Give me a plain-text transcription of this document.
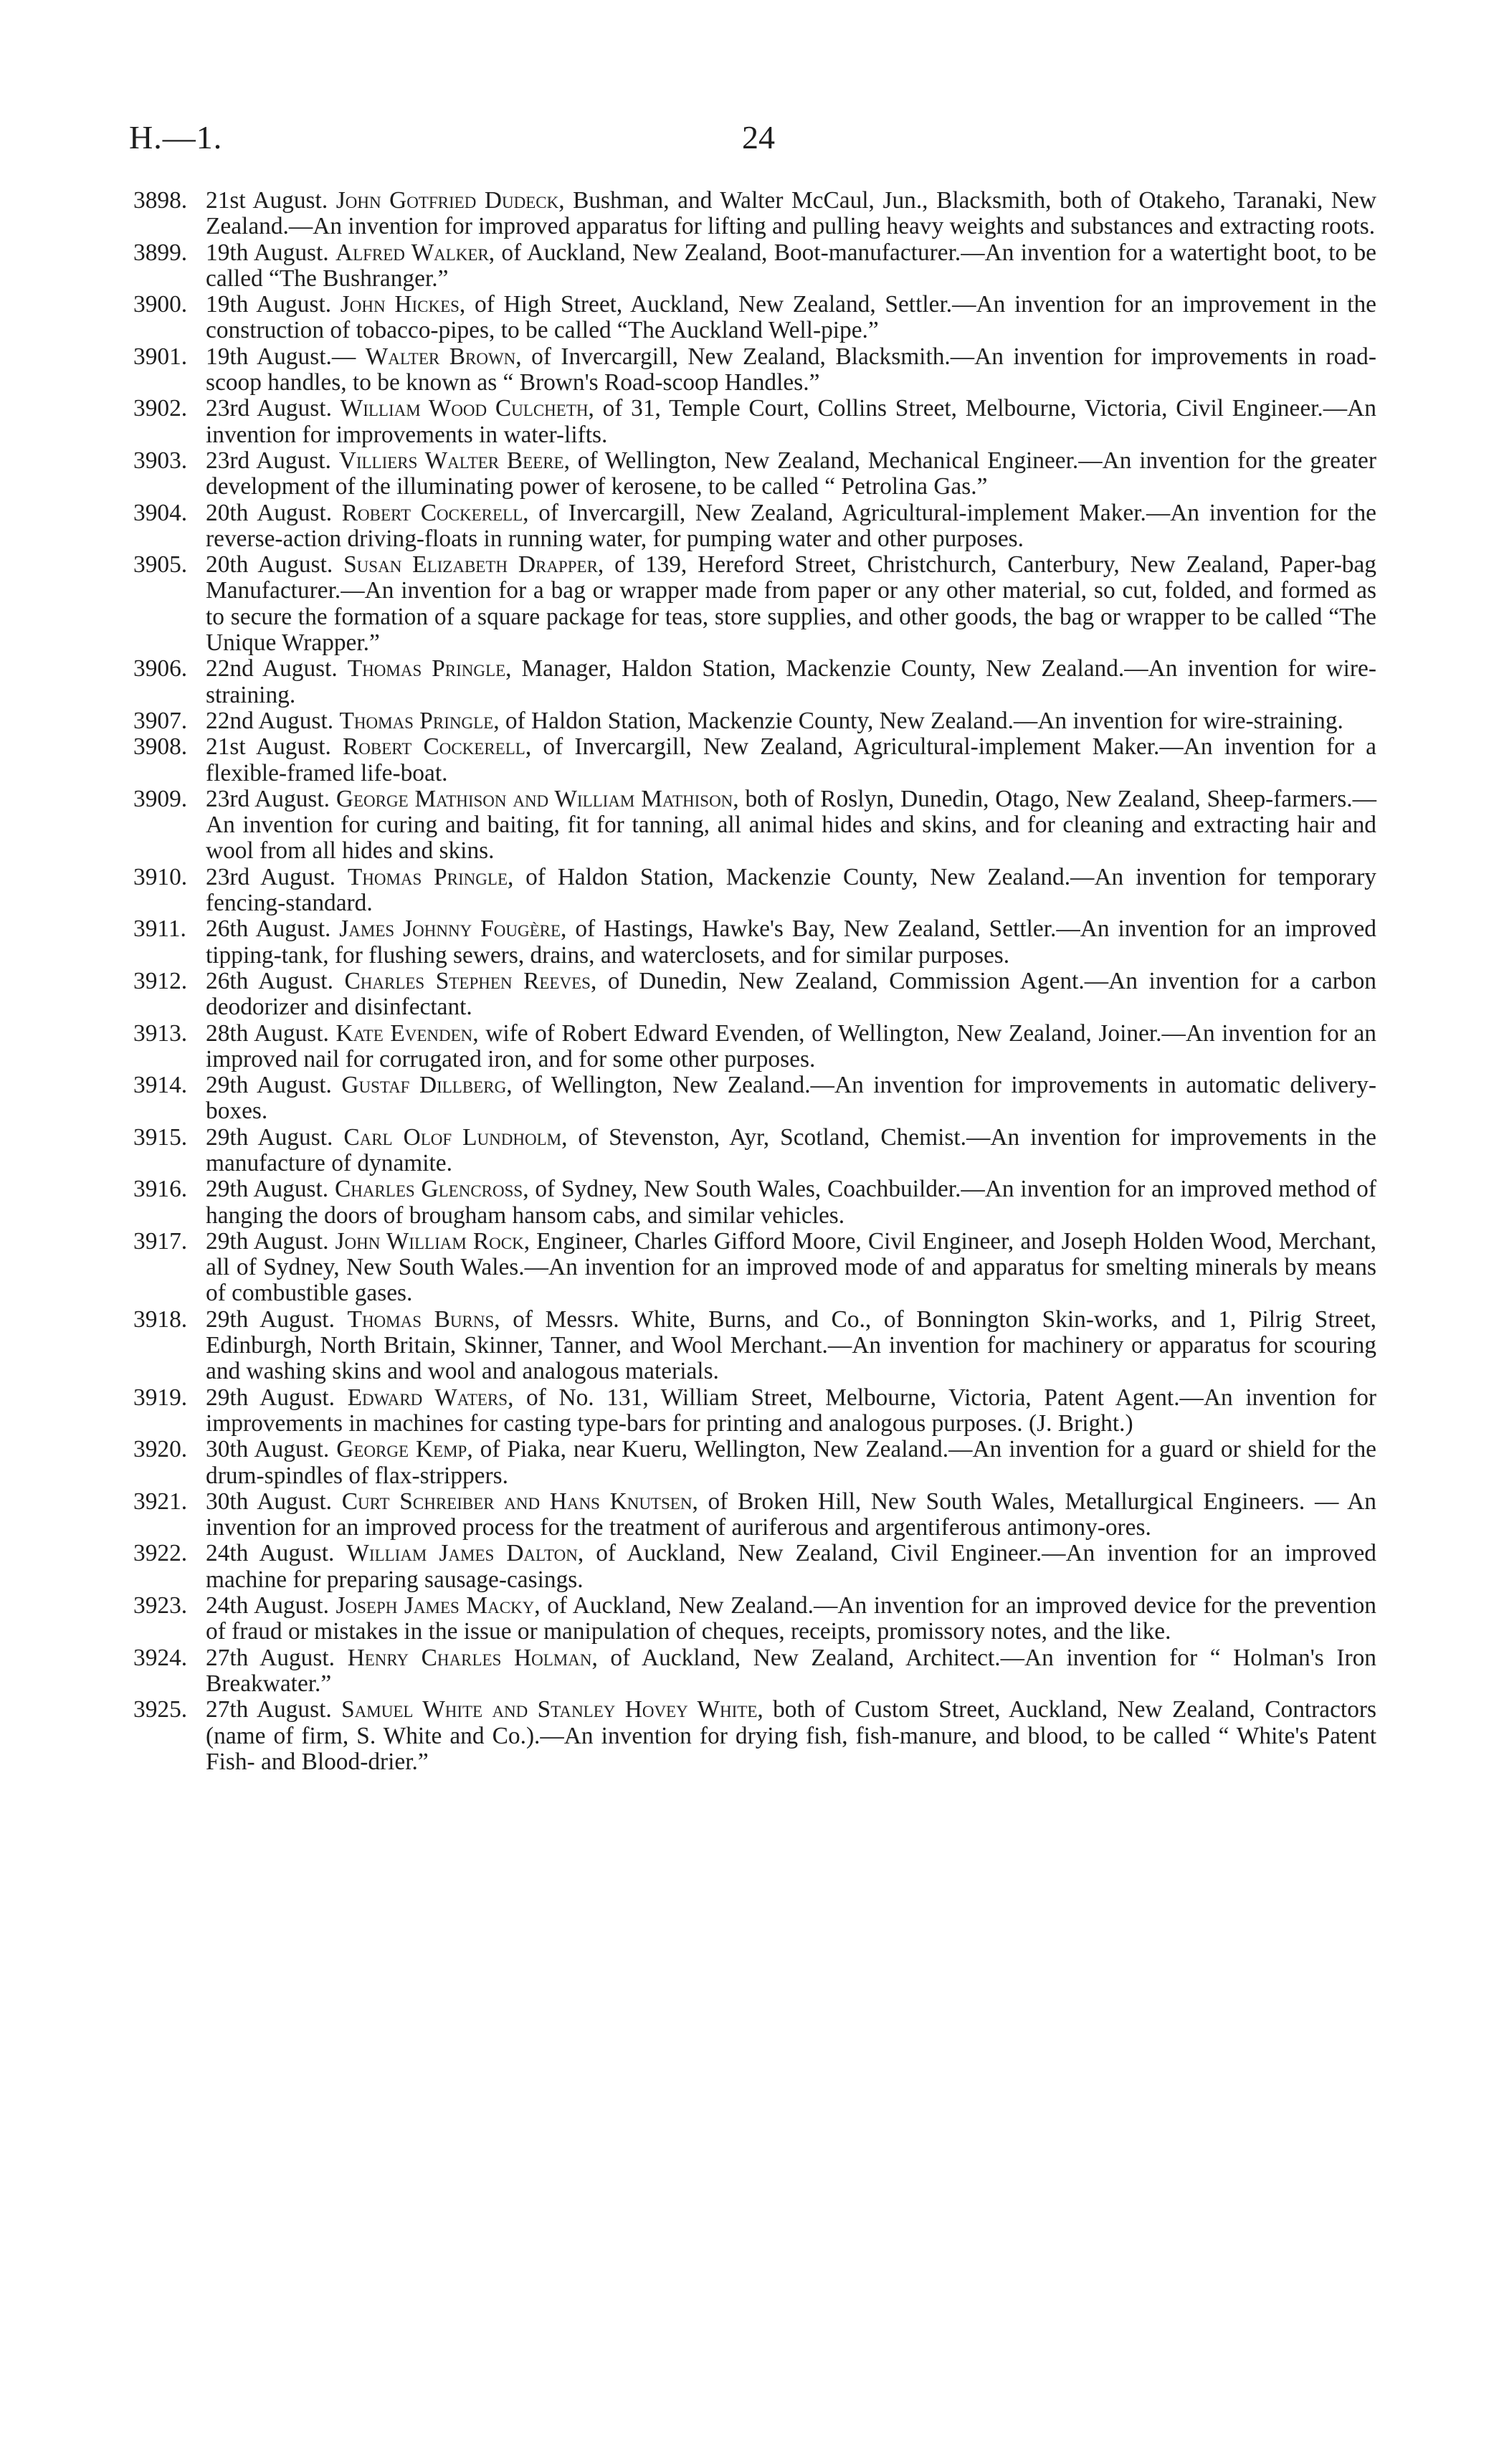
H.—1.	24
3898. 21st August. John Gotfried Dudeck, Bushman, and Walter McCaul, Jun., Blacksmith, both of Otakeho, Taranaki, New Zealand.—An invention for improved apparatus for lifting and pulling heavy weights and substances and extracting roots.
3899. 19th August. Alfred Walker, of Auckland, New Zealand, Boot-manufacturer.—An invention for a watertight boot, to be called “The Bushranger.”
3900. 19th August. John Hickes, of High Street, Auckland, New Zealand, Settler.—An invention for an improvement in the construction of tobacco-pipes, to be called “The Auckland Well-pipe.”
3901. 19th August.— Walter Brown, of Invercargill, New Zealand, Blacksmith.—An invention for improvements in road-scoop handles, to be known as “ Brown's Road-scoop Handles.”
3902. 23rd August. William Wood Culcheth, of 31, Temple Court, Collins Street, Melbourne, Victoria, Civil Engineer.—An invention for improvements in water-lifts.
3903. 23rd August. Villiers Walter Beere, of Wellington, New Zealand, Mechanical Engineer.—An invention for the greater development of the illuminating power of kerosene, to be called “ Petrolina Gas.”
3904. 20th August. Robert Cockerell, of Invercargill, New Zealand, Agricultural-implement Maker.—An invention for the reverse-action driving-floats in running water, for pumping water and other purposes.
3905. 20th August. Susan Elizabeth Drapper, of 139, Hereford Street, Christchurch, Canterbury, New Zealand, Paper-bag Manufacturer.—An invention for a bag or wrapper made from paper or any other material, so cut, folded, and formed as to secure the formation of a square package for teas, store supplies, and other goods, the bag or wrapper to be called “The Unique Wrapper.”
3906. 22nd August. Thomas Pringle, Manager, Haldon Station, Mackenzie County, New Zealand.—An invention for wire-straining.
3907. 22nd August. Thomas Pringle, of Haldon Station, Mackenzie County, New Zealand.—An invention for wire-straining.
3908. 21st August. Robert Cockerell, of Invercargill, New Zealand, Agricultural-implement Maker.—An invention for a flexible-framed life-boat.
3909. 23rd August. George Mathison and William Mathison, both of Roslyn, Dunedin, Otago, New Zealand, Sheep-farmers.—An invention for curing and baiting, fit for tanning, all animal hides and skins, and for cleaning and extracting hair and wool from all hides and skins.
3910. 23rd August. Thomas Pringle, of Haldon Station, Mackenzie County, New Zealand.—An invention for temporary fencing-standard.
3911. 26th August. James Johnny Fougère, of Hastings, Hawke's Bay, New Zealand, Settler.—An invention for an improved tipping-tank, for flushing sewers, drains, and waterclosets, and for similar purposes.
3912. 26th August. Charles Stephen Reeves, of Dunedin, New Zealand, Commission Agent.—An invention for a carbon deodorizer and disinfectant.
3913. 28th August. Kate Evenden, wife of Robert Edward Evenden, of Wellington, New Zealand, Joiner.—An invention for an improved nail for corrugated iron, and for some other purposes.
3914. 29th August. Gustaf Dillberg, of Wellington, New Zealand.—An invention for improvements in automatic delivery-boxes.
3915. 29th August. Carl Olof Lundholm, of Stevenston, Ayr, Scotland, Chemist.—An invention for improvements in the manufacture of dynamite.
3916. 29th August. Charles Glencross, of Sydney, New South Wales, Coachbuilder.—An invention for an improved method of hanging the doors of brougham hansom cabs, and similar vehicles.
3917. 29th August. John William Rock, Engineer, Charles Gifford Moore, Civil Engineer, and Joseph Holden Wood, Merchant, all of Sydney, New South Wales.—An invention for an improved mode of and apparatus for smelting minerals by means of combustible gases.
3918. 29th August. Thomas Burns, of Messrs. White, Burns, and Co., of Bonnington Skin-works, and 1, Pilrig Street, Edinburgh, North Britain, Skinner, Tanner, and Wool Merchant.—An invention for machinery or apparatus for scouring and washing skins and wool and analogous materials.
3919. 29th August. Edward Waters, of No. 131, William Street, Melbourne, Victoria, Patent Agent.—An invention for improvements in machines for casting type-bars for printing and analogous purposes. (J. Bright.)
3920. 30th August. George Kemp, of Piaka, near Kueru, Wellington, New Zealand.—An invention for a guard or shield for the drum-spindles of flax-strippers.
3921. 30th August. Curt Schreiber and Hans Knutsen, of Broken Hill, New South Wales, Metallurgical Engineers. — An invention for an improved process for the treatment of auriferous and argentiferous antimony-ores.
3922. 24th August. William James Dalton, of Auckland, New Zealand, Civil Engineer.—An invention for an improved machine for preparing sausage-casings.
3923. 24th August. Joseph James Macky, of Auckland, New Zealand.—An invention for an improved device for the prevention of fraud or mistakes in the issue or manipulation of cheques, receipts, promissory notes, and the like.
3924. 27th August. Henry Charles Holman, of Auckland, New Zealand, Architect.—An invention for “ Holman's Iron Breakwater.”
3925. 27th August. Samuel White and Stanley Hovey White, both of Custom Street, Auckland, New Zealand, Contractors (name of firm, S. White and Co.).—An invention for drying fish, fish-manure, and blood, to be called “ White's Patent Fish- and Blood-drier.”
